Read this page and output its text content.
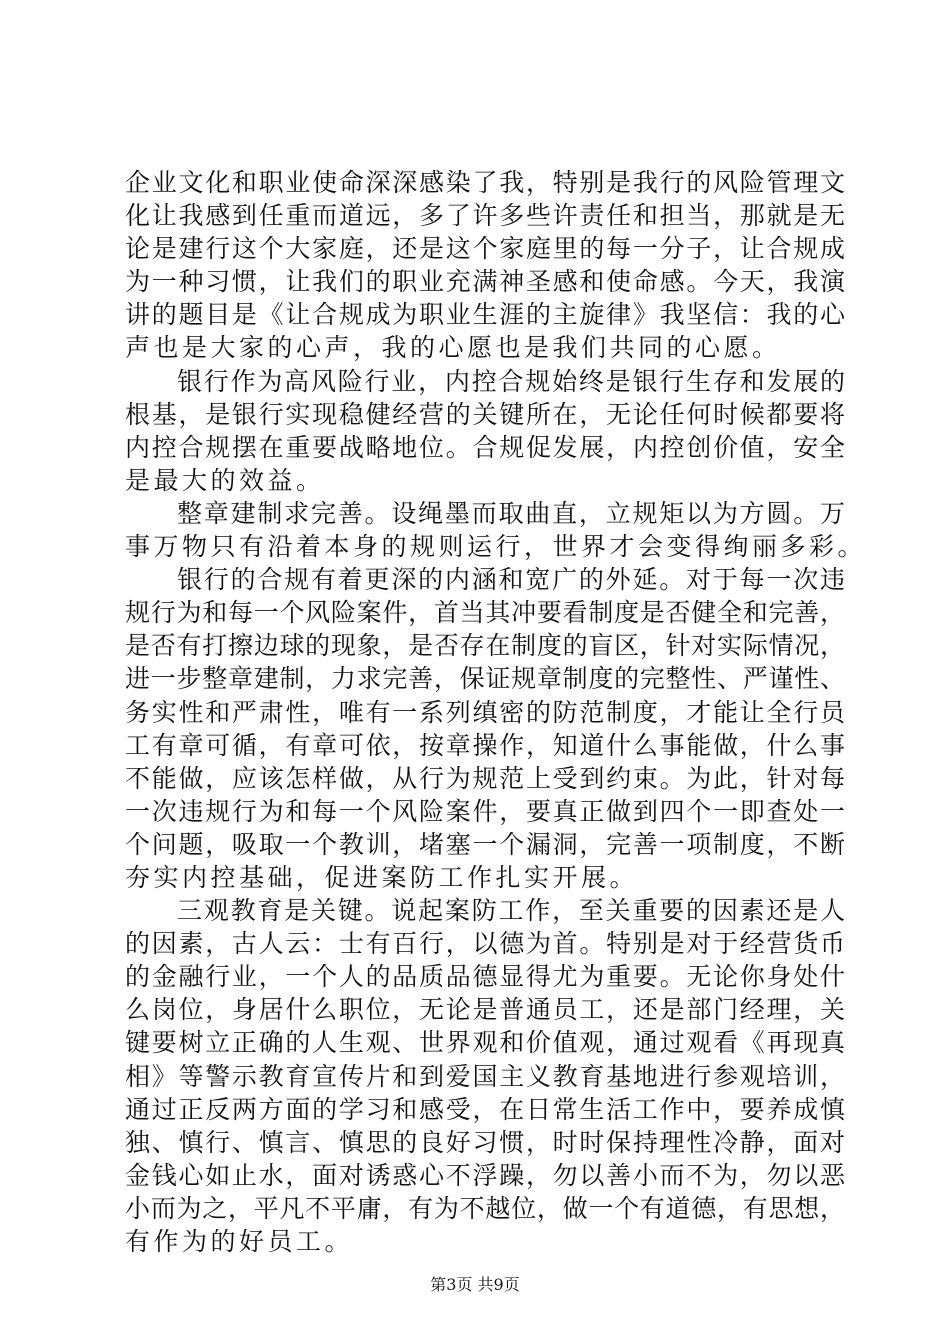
企业文化和职业使命深深感染了我，特别是我行的风险管理文
化让我感到任重而道远，多了许多些许责任和担当，那就是无
论是建行这个大家庭，还是这个家庭里的每一分子，让合规成
为一种习惯，让我们的职业充满神圣感和使命感。今天，我演
讲的题目是《让合规成为职业生涯的主旋律》我坚信：我的心
声也是大家的心声，我的心愿也是我们共同的心愿。
银行作为高风险行业，内控合规始终是银行生存和发展的
根基，是银行实现稳健经营的关键所在，无论任何时候都要将
内控合规摆在重要战略地位。合规促发展，内控创价值，安全
是最大的效益。
整章建制求完善。设绳墨而取曲直，立规矩以为方圆。万
事万物只有沿着本身的规则运行，世界才会变得绚丽多彩。
银行的合规有着更深的内涵和宽广的外延。对于每一次违
规行为和每一个风险案件，首当其冲要看制度是否健全和完善，
是否有打擦边球的现象，是否存在制度的盲区，针对实际情况，
进一步整章建制，力求完善，保证规章制度的完整性、严谨性、
务实性和严肃性，唯有一系列缜密的防范制度，才能让全行员
工有章可循，有章可依，按章操作，知道什么事能做，什么事
不能做，应该怎样做，从行为规范上受到约束。为此，针对每
一次违规行为和每一个风险案件，要真正做到四个一即查处一
个问题，吸取一个教训，堵塞一个漏洞，完善一项制度，不断
夯实内控基础，促进案防工作扎实开展。
三观教育是关键。说起案防工作，至关重要的因素还是人
的因素，古人云：士有百行，以德为首。特别是对于经营货币
的金融行业，一个人的品质品德显得尤为重要。无论你身处什
么岗位，身居什么职位，无论是普通员工，还是部门经理，关
键要树立正确的人生观、世界观和价值观，通过观看《再现真
相》等警示教育宣传片和到爱国主义教育基地进行参观培训，
通过正反两方面的学习和感受，在日常生活工作中，要养成慎
独、慎行、慎言、慎思的良好习惯，时时保持理性冷静，面对
金钱心如止水，面对诱惑心不浮躁，勿以善小而不为，勿以恶
小而为之，平凡不平庸，有为不越位，做一个有道德，有思想，
有作为的好员工。
第3页 共9页
